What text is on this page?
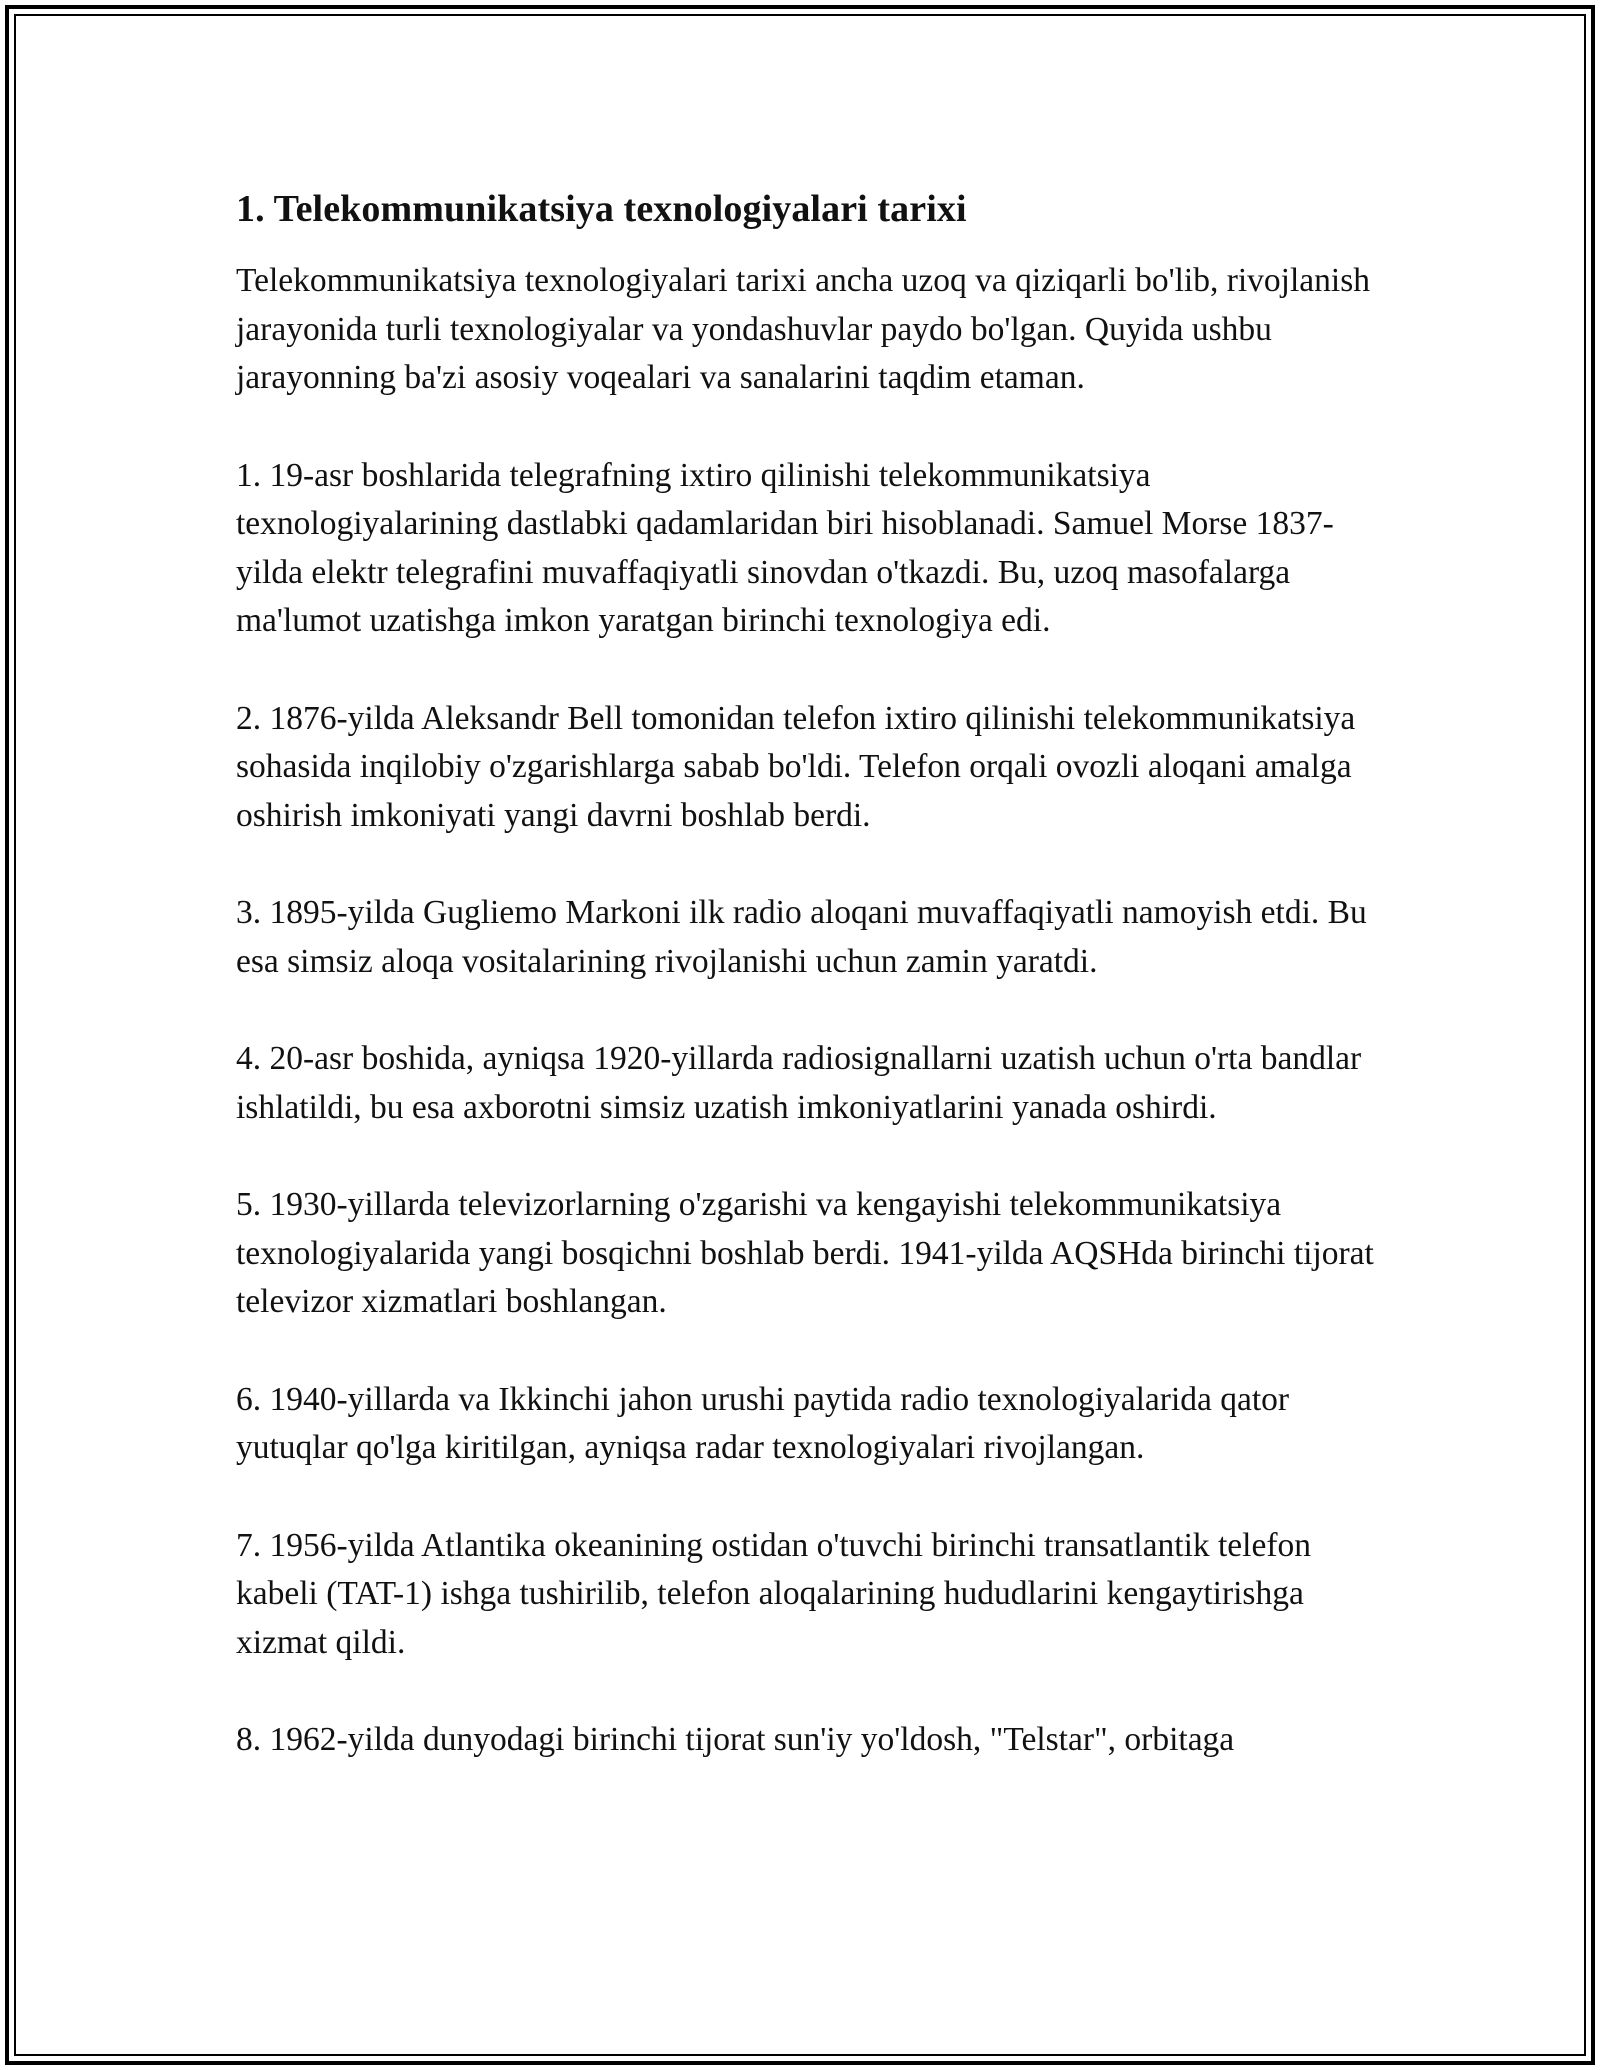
1. Telekommunikatsiya texnologiyalari tarixi

Telekommunikatsiya texnologiyalari tarixi ancha uzoq va qiziqarli bo'lib, rivojlanish jarayonida turli texnologiyalar va yondashuvlar paydo bo'lgan. Quyida ushbu jarayonning ba'zi asosiy voqealari va sanalarini taqdim etaman.

1. 19-asr boshlarida telegrafning ixtiro qilinishi telekommunikatsiya texnologiyalarining dastlabki qadamlaridan biri hisoblanadi. Samuel Morse 1837-yilda elektr telegrafini muvaffaqiyatli sinovdan o'tkazdi. Bu, uzoq masofalarga ma'lumot uzatishga imkon yaratgan birinchi texnologiya edi.

2. 1876-yilda Aleksandr Bell tomonidan telefon ixtiro qilinishi telekommunikatsiya sohasida inqilobiy o'zgarishlarga sabab bo'ldi. Telefon orqali ovozli aloqani amalga oshirish imkoniyati yangi davrni boshlab berdi.

3. 1895-yilda Gugliemo Markoni ilk radio aloqani muvaffaqiyatli namoyish etdi. Bu esa simsiz aloqa vositalarining rivojlanishi uchun zamin yaratdi.

4. 20-asr boshida, ayniqsa 1920-yillarda radiosignallarni uzatish uchun o'rta bandlar ishlatildi, bu esa axborotni simsiz uzatish imkoniyatlarini yanada oshirdi.

5. 1930-yillarda televizorlarning o'zgarishi va kengayishi telekommunikatsiya texnologiyalarida yangi bosqichni boshlab berdi. 1941-yilda AQSHda birinchi tijorat televizor xizmatlari boshlangan.

6. 1940-yillarda va Ikkinchi jahon urushi paytida radio texnologiyalarida qator yutuqlar qo'lga kiritilgan, ayniqsa radar texnologiyalari rivojlangan.

7. 1956-yilda Atlantika okeanining ostidan o'tuvchi birinchi transatlantik telefon kabeli (TAT-1) ishga tushirilib, telefon aloqalarining hududlarini kengaytirishga xizmat qildi.

8. 1962-yilda dunyodagi birinchi tijorat sun'iy yo'ldosh, "Telstar", orbitaga
